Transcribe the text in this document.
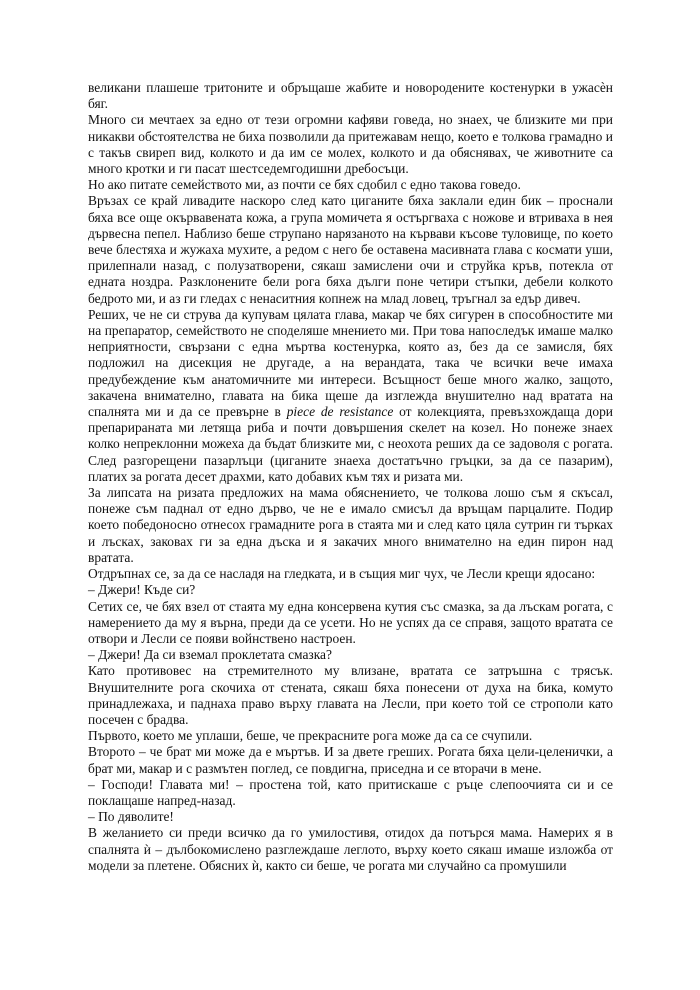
великани плашеше тритоните и обръщаше жабите и новородените костенурки в ужасѐн бяг.

Много си мечтаех за едно от тези огромни кафяви говеда, но знаех, че близките ми при никакви обстоятелства не биха позволили да притежавам нещо, което е толкова грамадно и с такъв свиреп вид, колкото и да им се молех, колкото и да обяснявах, че животните са много кротки и ги пасат шестседемгодишни дребосъци.

Но ако питате семейството ми, аз почти се бях сдобил с едно такова говедо.

Връзах се край ливадите наскоро след като циганите бяха заклали един бик – проснали бяха все още окървавената кожа, а група момичета я остъргваха с ножове и втриваха в нея дървесна пепел. Наблизо беше струпано нарязаното на кървави късове туловище, по което вече блестяха и жужаха мухите, а редом с него бе оставена масивната глава с космати уши, прилепнали назад, с полузатворени, сякаш замислени очи и струйка кръв, потекла от едната ноздра. Разклонените бели рога бяха дълги поне четири стъпки, дебели колкото бедрото ми, и аз ги гледах с ненаситния копнеж на млад ловец, тръгнал за едър дивеч.

Реших, че не си струва да купувам цялата глава, макар че бях сигурен в способностите ми на препаратор, семейството не споделяше мнението ми. При това напоследък имаше малко неприятности, свързани с една мъртва костенурка, която аз, без да се замисля, бях подложил на дисекция не другаде, а на верандата, така че всички вече имаха предубеждение към анатомичните ми интереси. Всъщност беше много жалко, защото, закачена внимателно, главата на бика щеше да изглежда внушително над вратата на спалнята ми и да се превърне в piece de resistance от колекцията, превъзхождаща дори препарираната ми летяща риба и почти довършения скелет на козел. Но понеже знаех колко непреклонни можеха да бъдат близките ми, с неохота реших да се задоволя с рогата. След разгорещени пазарлъци (циганите знаеха достатъчно гръцки, за да се пазарим), платих за рогата десет драхми, като добавих към тях и ризата ми.

За липсата на ризата предложих на мама обяснението, че толкова лошо съм я скъсал, понеже съм паднал от едно дърво, че не е имало смисъл да връщам парцалите. Подир което победоносно отнесох грамадните рога в стаята ми и след като цяла сутрин ги търках и лъсках, заковах ги за една дъска и я закачих много внимателно на един пирон над вратата.

Отдръпнах се, за да се насладя на гледката, и в същия миг чух, че Лесли крещи ядосано:

– Джери! Къде си?

Сетих се, че бях взел от стаята му една консервена кутия със смазка, за да лъскам рогата, с намерението да му я върна, преди да се усети. Но не успях да се справя, защото вратата се отвори и Лесли се появи войнствено настроен.

– Джери! Да си вземал проклетата смазка?

Като противовес на стремителното му влизане, вратата се затръшна с трясък. Внушителните рога скочиха от стената, сякаш бяха понесени от духа на бика, комуто принадлежаха, и паднаха право върху главата на Лесли, при което той се строполи като посечен с брадва.

Първото, което ме уплаши, беше, че прекрасните рога може да са се счупили.

Второто – че брат ми може да е мъртъв. И за двете греших. Рогата бяха цели-целенички, а брат ми, макар и с размътен поглед, се повдигна, приседна и се вторачи в мене.

– Господи! Главата ми! – простена той, като притискаше с ръце слепоочията си и се поклащаше напред-назад.

– По дяволите!

В желанието си преди всичко да го умилостивя, отидох да потърся мама. Намерих я в спалнята ѝ – дълбокомислено разглеждаше леглото, върху което сякаш имаше изложба от модели за плетене. Обясних ѝ, както си беше, че рогата ми случайно са промушили
